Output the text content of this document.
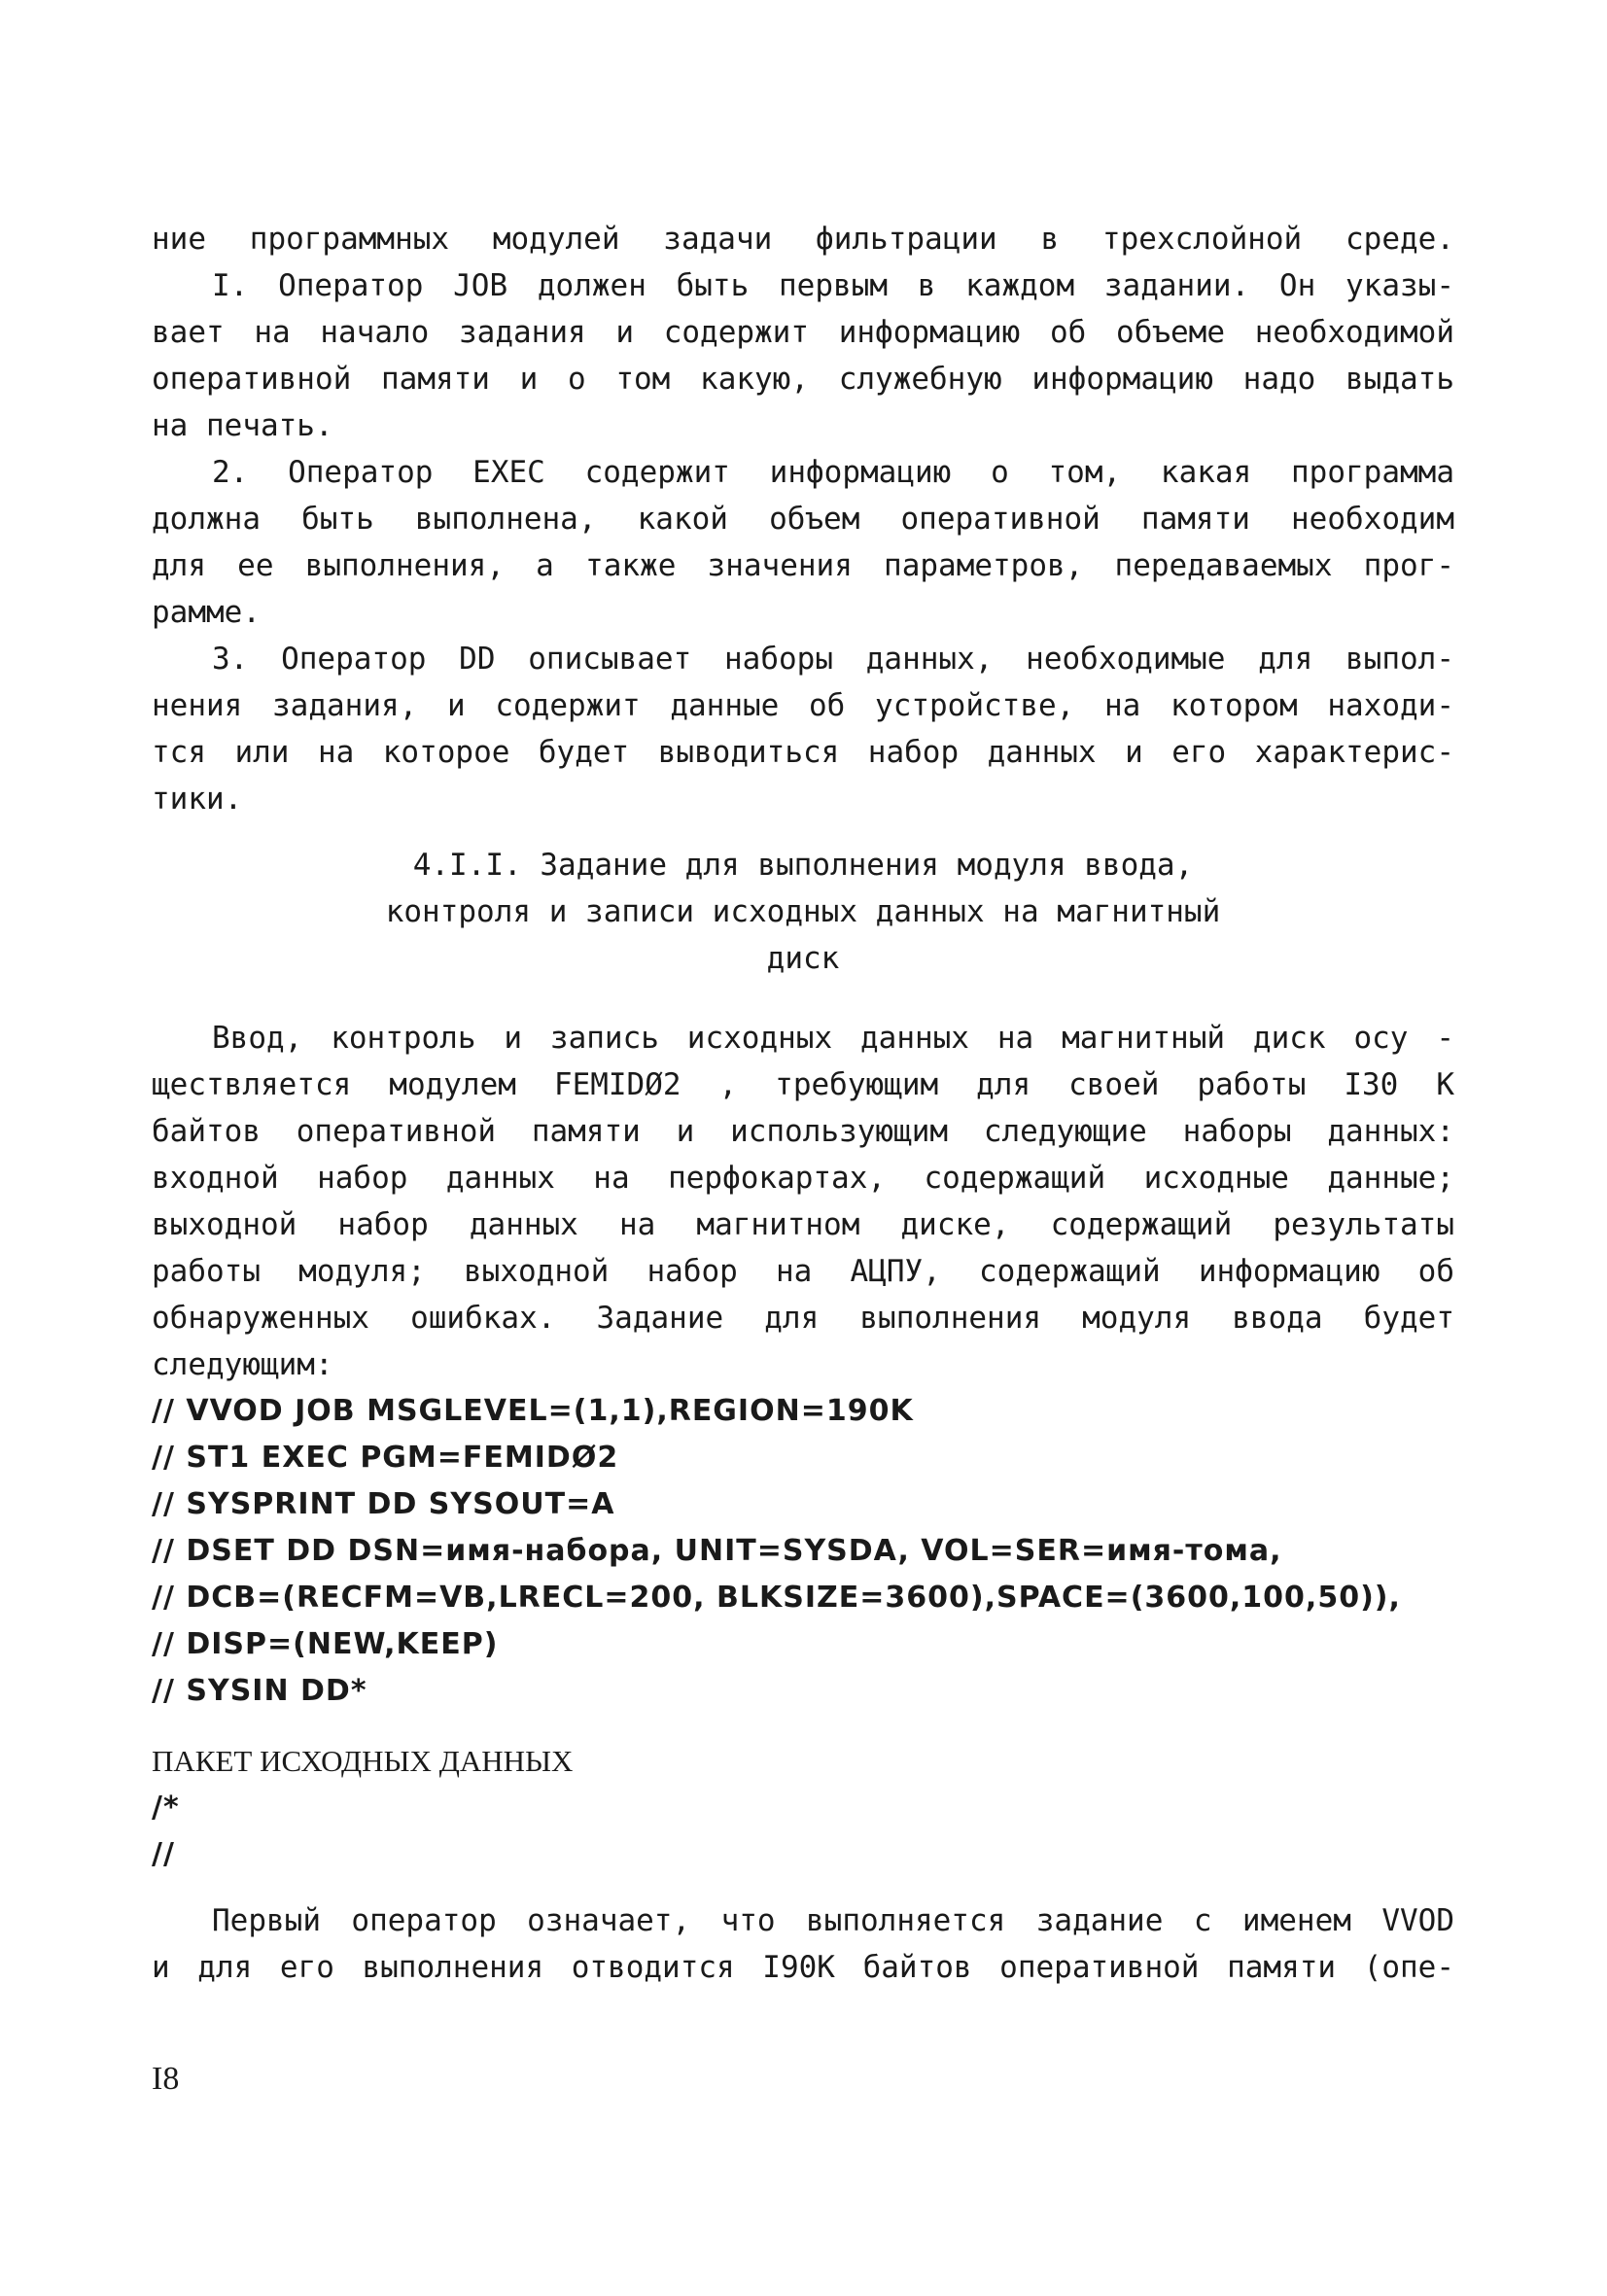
ние программных модулей задачи фильтрации в трехслойной среде.
I. Оператор JOB должен быть первым в каждом задании. Он указы-
вает на начало задания и содержит информацию об объеме необходимой
оперативной памяти и о том какую, служебную информацию надо выдать
на печать.
2. Оператор EXEC содержит информацию о том, какая программа
должна быть выполнена, какой объем оперативной памяти необходим
для ее выполнения, а также значения параметров, передаваемых прог-
рамме.
3. Оператор DD описывает наборы данных, необходимые для выпол-
нения задания, и содержит данные об устройстве, на котором находи-
тся или на которое будет выводиться набор данных и его характерис-
тики.
4.I.I. Задание для выполнения модуля ввода,
контроля и записи исходных данных на магнитный
диск
Ввод, контроль и запись исходных данных на магнитный диск осу -
ществляется модулем FEMIDØ2 , требующим для своей работы I30 К
байтов оперативной памяти и использующим следующие наборы данных:
входной набор данных на перфокартах, содержащий исходные данные;
выходной набор данных на магнитном диске, содержащий результаты
работы модуля; выходной набор на АЦПУ, содержащий информацию об
обнаруженных ошибках. Задание для выполнения модуля ввода будет
следующим:
// VVOD JOB MSGLEVEL=(1,1),REGION=190K
// ST1 EXEC PGM=FEMIDØ2
// SYSPRINT DD SYSOUT=A
// DSET DD DSN=имя-набора, UNIT=SYSDA, VOL=SER=имя-тома,
// DCB=(RECFM=VB,LRECL=200, BLKSIZE=3600),SPACE=(3600,100,50)),
// DISP=(NEW,KEEP)
// SYSIN DD*
ПАКЕТ ИСХОДНЫХ ДАННЫХ
/*
//
Первый оператор означает, что выполняется задание с именем VVOD
и для его выполнения отводится I90К байтов оперативной памяти (опе-
I8
